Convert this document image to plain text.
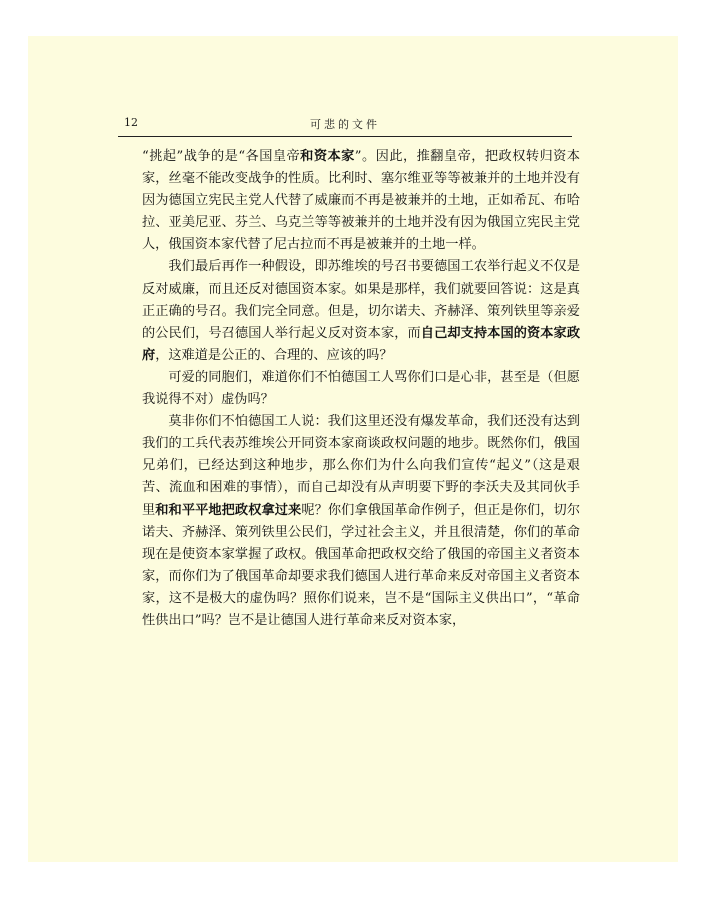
12	可悲的文件

“挑起”战争的是“各国皇帝和资本家”。因此，推翻皇帝，把政权转归资本家，丝毫不能改变战争的性质。比利时、塞尔维亚等等被兼并的土地并没有因为德国立宪民主党人代替了威廉而不再是被兼并的土地，正如希瓦、布哈拉、亚美尼亚、芬兰、乌克兰等等被兼并的土地并没有因为俄国立宪民主党人，俄国资本家代替了尼古拉而不再是被兼并的土地一样。

我们最后再作一种假设，即苏维埃的号召书要德国工农举行起义不仅是反对威廉，而且还反对德国资本家。如果是那样，我们就要回答说：这是真正正确的号召。我们完全同意。但是，切尔诺夫、齐赫泽、策列铁里等亲爱的公民们，号召德国人举行起义反对资本家，而自己却支持本国的资本家政府，这难道是公正的、合理的、应该的吗？

可爱的同胞们，难道你们不怕德国工人骂你们口是心非，甚至是（但愿我说得不对）虚伪吗？

莫非你们不怕德国工人说：我们这里还没有爆发革命，我们还没有达到我们的工兵代表苏维埃公开同资本家商谈政权问题的地步。既然你们，俄国兄弟们，已经达到这种地步，那么你们为什么向我们宣传“起义”（这是艰苦、流血和困难的事情），而自己却没有从声明要下野的李沃夫及其同伙手里和和平平地把政权拿过来呢？你们拿俄国革命作例子，但正是你们，切尔诺夫、齐赫泽、策列铁里公民们，学过社会主义，并且很清楚，你们的革命现在是使资本家掌握了政权。俄国革命把政权交给了俄国的帝国主义者资本家，而你们为了俄国革命却要求我们德国人进行革命来反对帝国主义者资本家，这不是极大的虚伪吗？照你们说来，岂不是“国际主义供出口”，“革命性供出口”吗？岂不是让德国人进行革命来反对资本家，
